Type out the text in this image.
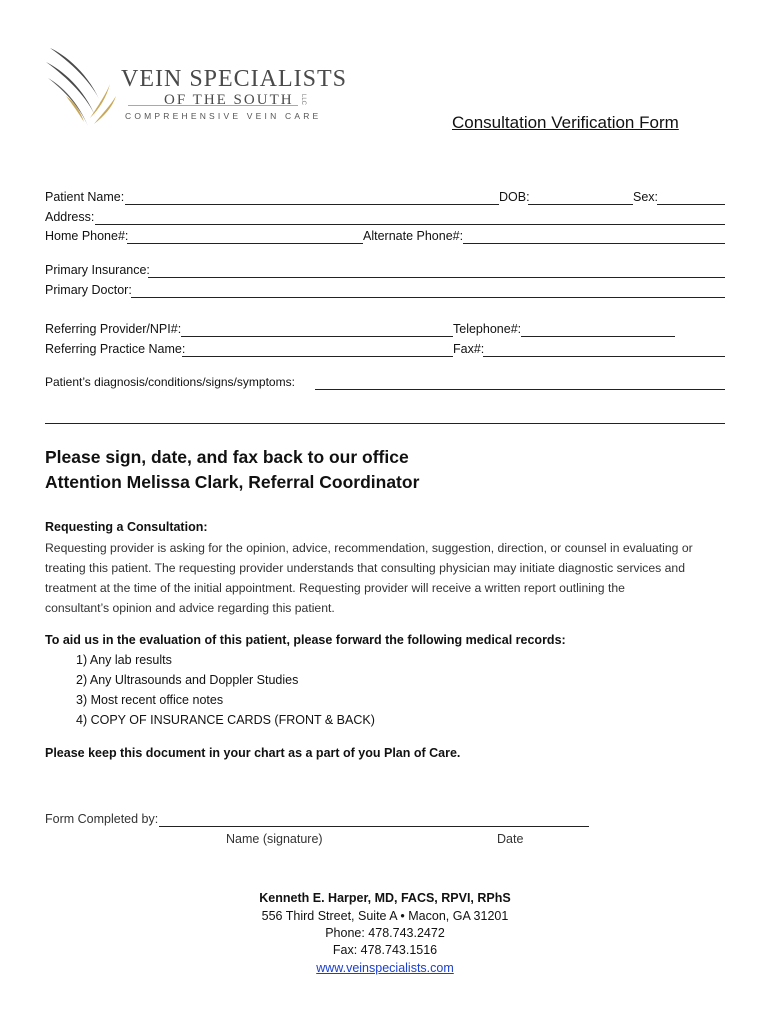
VEIN SPECIALISTS
OF THE SOUTH LLC
COMPREHENSIVE VEIN CARE	Consultation Verification Form
Patient Name:	DOB:	Sex:
Address:
Home Phone#:	Alternate Phone#:
Primary Insurance:
Primary Doctor:
Referring Provider/NPI#:	Telephone#:
Referring Practice Name:	Fax#:
Patient’s diagnosis/conditions/signs/symptoms:
Please sign, date, and fax back to our office
Attention Melissa Clark, Referral Coordinator
Requesting a Consultation:
Requesting provider is asking for the opinion, advice, recommendation, suggestion, direction, or counsel in evaluating or
treating this patient. The requesting provider understands that consulting physician may initiate diagnostic services and
treatment at the time of the initial appointment. Requesting provider will receive a written report outlining the
consultant’s opinion and advice regarding this patient.
To aid us in the evaluation of this patient, please forward the following medical records:
1) Any lab results
2) Any Ultrasounds and Doppler Studies
3) Most recent office notes
4) COPY OF INSURANCE CARDS (FRONT & BACK)
Please keep this document in your chart as a part of you Plan of Care.
Form Completed by:
Name (signature)	Date
Kenneth E. Harper, MD, FACS, RPVI, RPhS
556 Third Street, Suite A • Macon, GA 31201
Phone: 478.743.2472
Fax: 478.743.1516
www.veinspecialists.com
